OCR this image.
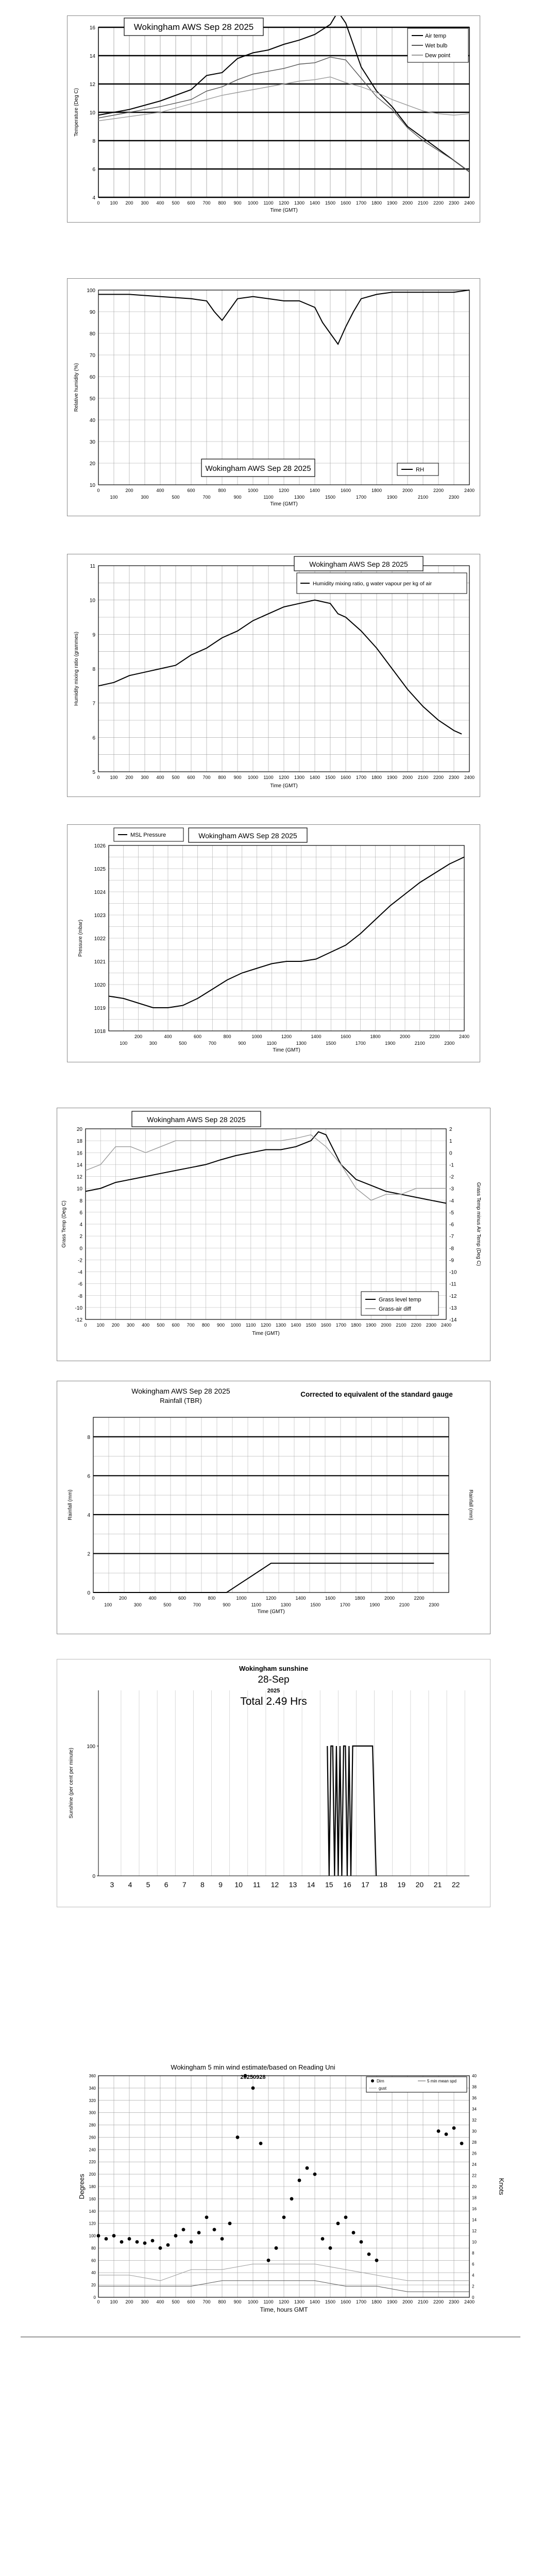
4
6
8
10
12
14
16
0 100 200 300 400 500 600 700 800 900 1000 1100 1200 1300 1400 1500 1600 1700 1800 1900 2000 2100 2200 2300 2400
Time (GMT)
Temperature (Deg C)
Wokingham AWS Sep 28 2025
Air temp
Wet bulb
Dew point
10
20
30
40
50
60
70
80
90
100
0	200	400	600	800	1000	1200	1400	1600	1800	2000	2200	2400
100	300	500	700	900	1100	1300	1500	1700	1900	2100	2300
Time (GMT)
Relative humidity (%)
Wokingham AWS Sep 28 2025	RH
5
6
7
8
9
10
11
0 100 200 300 400 500 600 700 800 900 1000 1100 1200 1300 1400 1500 1600 1700 1800 1900 2000 2100 2200 2300 2400
Time (GMT)
Humidity mixing ratio (grammes)
Wokingham AWS Sep 28 2025
Humidity mixing ratio, g water vapour per kg of air
1018
1019
1020
1021
1022
1023
1024
1025
1026
200	400	600	800	1000	1200	1400	1600	1800	2000	2200	2400
100	300	500	700	900	1100	1300	1500	1700	1900	2100	2300
Time (GMT)
Pressure (mbar)
MSL Pressure	Wokingham AWS Sep 28 2025
-12
-10
-8
-6
-4
-2
0
2
4
6
8
10
12
14
16
18
20
-14
-13
-12
-11
-10
-9
-8
-7
-6
-5
-4
-3
-2
-1
0
1
2
0 100 200 300 400 500 600 700 800 900 1000 1100 1200 1300 1400 1500 1600 1700 1800 1900 2000 2100 2200 2300 2400
Time (GMT)
Grass Temp (Deg C)	Grass Temp minus Air Temp (Deg C)
Wokingham AWS Sep 28 2025
Grass level temp
Grass-air diff
0
2
4
6
8
0	200	400	600	800	1000	1200	1400	1600	1800	2000	2200
100	300	500	700	900	1100	1300	1500	1700	1900	2100	2300
Time (GMT)
Rainfall (mm)	Rainfall (mm)
Wokingham AWS Sep 28 2025
Rainfall (TBR)
Corrected to equivalent of the standard gauge
0
100
3 4 5 6 7 8 9 10 11 12 13 14 15 16 17 18 19 20 21 22
Sunshine (per cent per minute)
Wokingham sunshine
28-Sep
2025
Total 2.49 Hrs
0
20
40
60
80
100
120
140
160
180
200
220
240
260
280
300
320
340
360
0
2
4
6
8
10
12
14
16
18
20
22
24
26
28
30
32
34
36
38
40
0 100 200 300 400 500 600 700 800 900 1000 1100 1200 1300 1400 1500 1600 1700 1800 1900 2000 2100 2200 2300 2400
Time, hours GMT
Degrees	Knots
Wokingham 5 min wind estimate/based on Reading Uni
20250928
Dirn	5 min mean spd
gust
